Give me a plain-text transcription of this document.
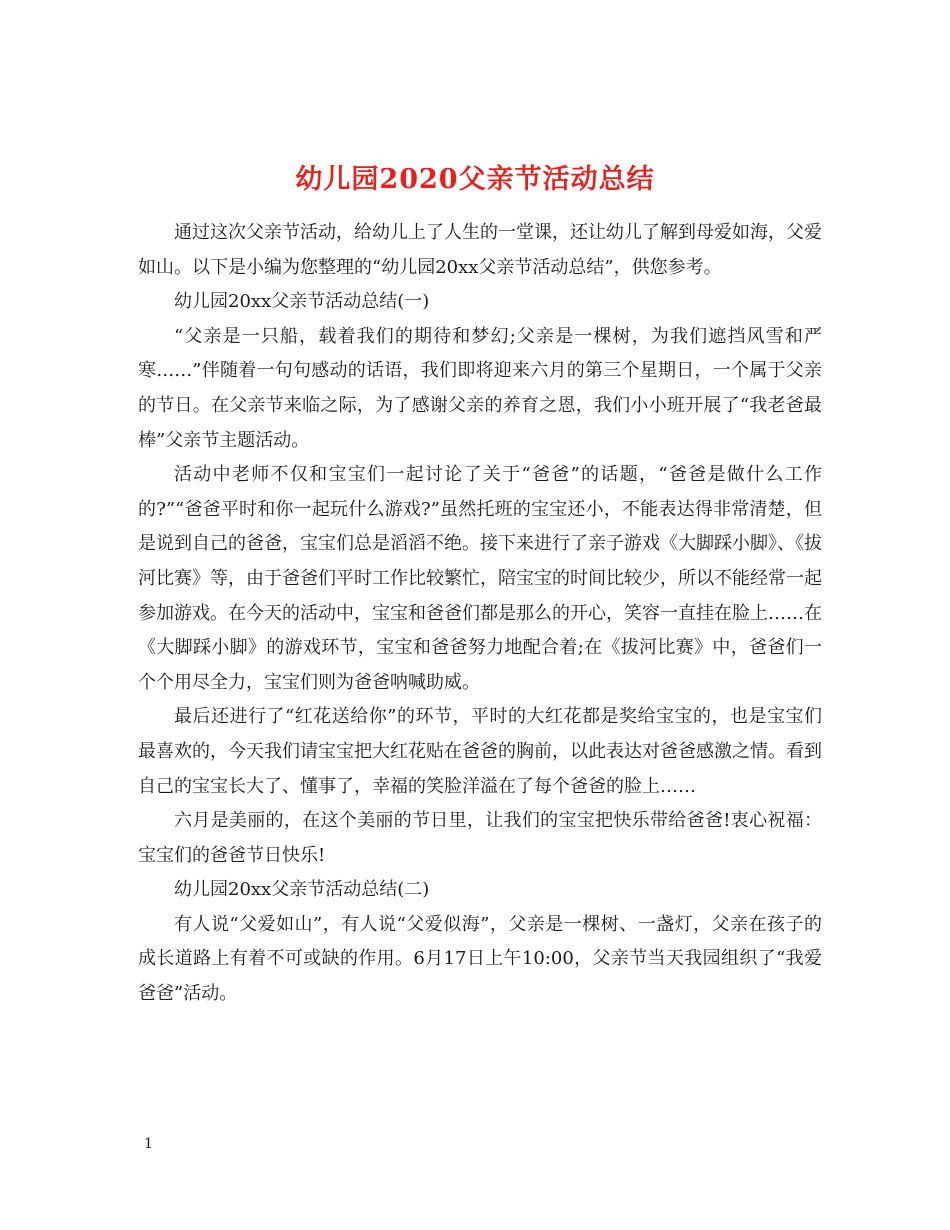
幼儿园2020父亲节活动总结

通过这次父亲节活动，给幼儿上了人生的一堂课，还让幼儿了解到母爱如海，父爱如山。以下是小编为您整理的“幼儿园20xx父亲节活动总结”，供您参考。

幼儿园20xx父亲节活动总结(一)

“父亲是一只船，载着我们的期待和梦幻;父亲是一棵树，为我们遮挡风雪和严寒……”伴随着一句句感动的话语，我们即将迎来六月的第三个星期日，一个属于父亲的节日。在父亲节来临之际，为了感谢父亲的养育之恩，我们小小班开展了“我老爸最棒”父亲节主题活动。

活动中老师不仅和宝宝们一起讨论了关于“爸爸”的话题，“爸爸是做什么工作的?”“爸爸平时和你一起玩什么游戏?”虽然托班的宝宝还小，不能表达得非常清楚，但是说到自己的爸爸，宝宝们总是滔滔不绝。接下来进行了亲子游戏《大脚踩小脚》、《拔河比赛》等，由于爸爸们平时工作比较繁忙，陪宝宝的时间比较少，所以不能经常一起参加游戏。在今天的活动中，宝宝和爸爸们都是那么的开心，笑容一直挂在脸上……在《大脚踩小脚》的游戏环节，宝宝和爸爸努力地配合着;在《拔河比赛》中，爸爸们一个个用尽全力，宝宝们则为爸爸呐喊助威。

最后还进行了“红花送给你”的环节，平时的大红花都是奖给宝宝的，也是宝宝们最喜欢的，今天我们请宝宝把大红花贴在爸爸的胸前，以此表达对爸爸感激之情。看到自己的宝宝长大了、懂事了，幸福的笑脸洋溢在了每个爸爸的脸上……

六月是美丽的，在这个美丽的节日里，让我们的宝宝把快乐带给爸爸!衷心祝福：宝宝们的爸爸节日快乐!

幼儿园20xx父亲节活动总结(二)

有人说“父爱如山”，有人说“父爱似海”，父亲是一棵树、一盏灯，父亲在孩子的成长道路上有着不可或缺的作用。6月17日上午10:00，父亲节当天我园组织了“我爱爸爸”活动。

1
